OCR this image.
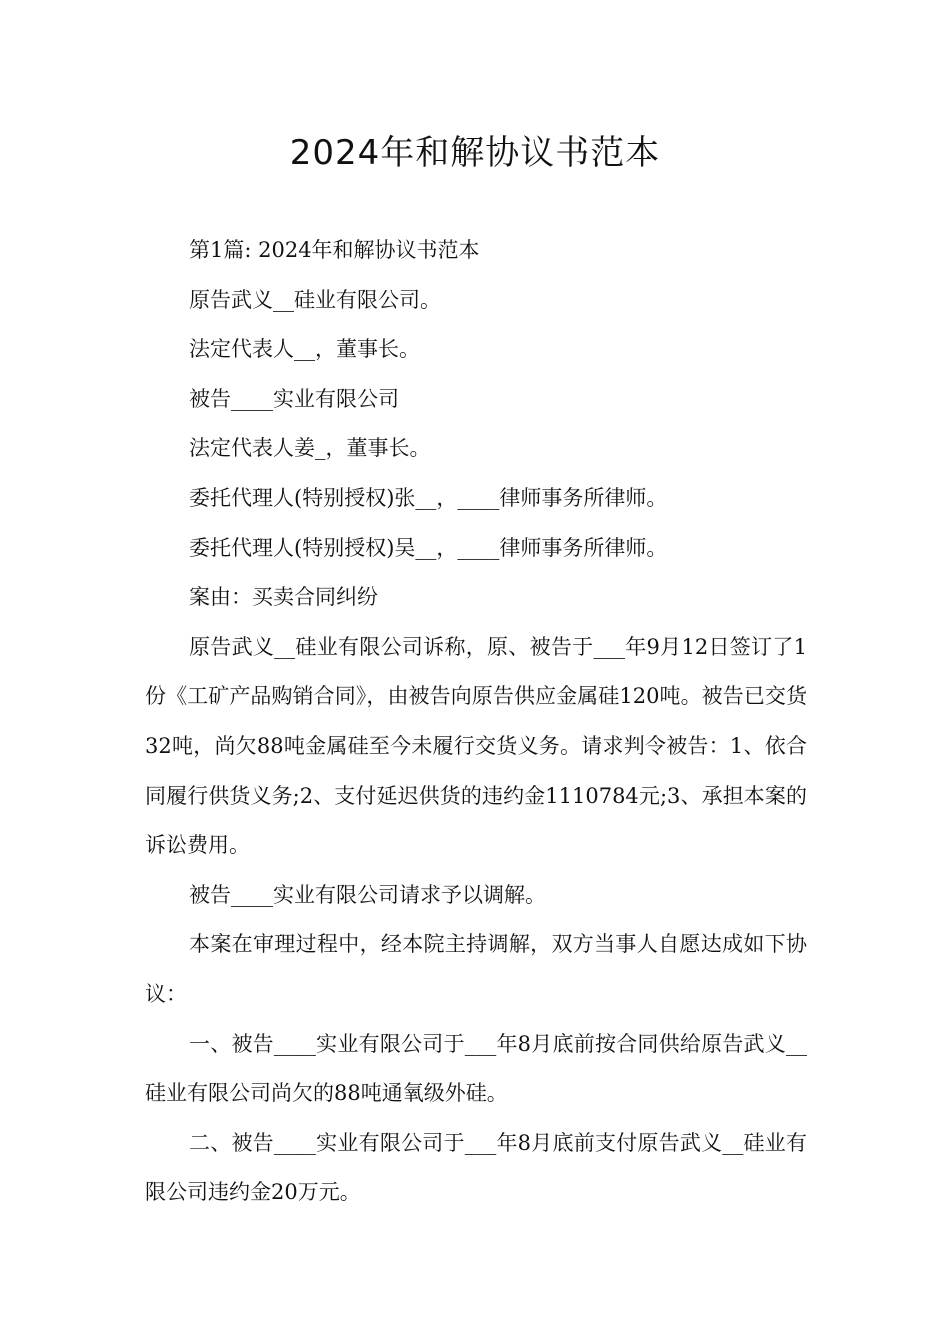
2024年和解协议书范本

第1篇: 2024年和解协议书范本

原告武义__硅业有限公司。

法定代表人__，董事长。

被告____实业有限公司

法定代表人姜_，董事长。

委托代理人(特别授权)张__，____律师事务所律师。

委托代理人(特别授权)吴__，____律师事务所律师。

案由：买卖合同纠纷

原告武义__硅业有限公司诉称，原、被告于___年9月12日签订了1份《工矿产品购销合同》，由被告向原告供应金属硅120吨。被告已交货32吨，尚欠88吨金属硅至今未履行交货义务。请求判令被告：1、依合同履行供货义务;2、支付延迟供货的违约金1110784元;3、承担本案的诉讼费用。

被告____实业有限公司请求予以调解。

本案在审理过程中，经本院主持调解，双方当事人自愿达成如下协议：

一、被告____实业有限公司于___年8月底前按合同供给原告武义__硅业有限公司尚欠的88吨通氧级外硅。

二、被告____实业有限公司于___年8月底前支付原告武义__硅业有限公司违约金20万元。
